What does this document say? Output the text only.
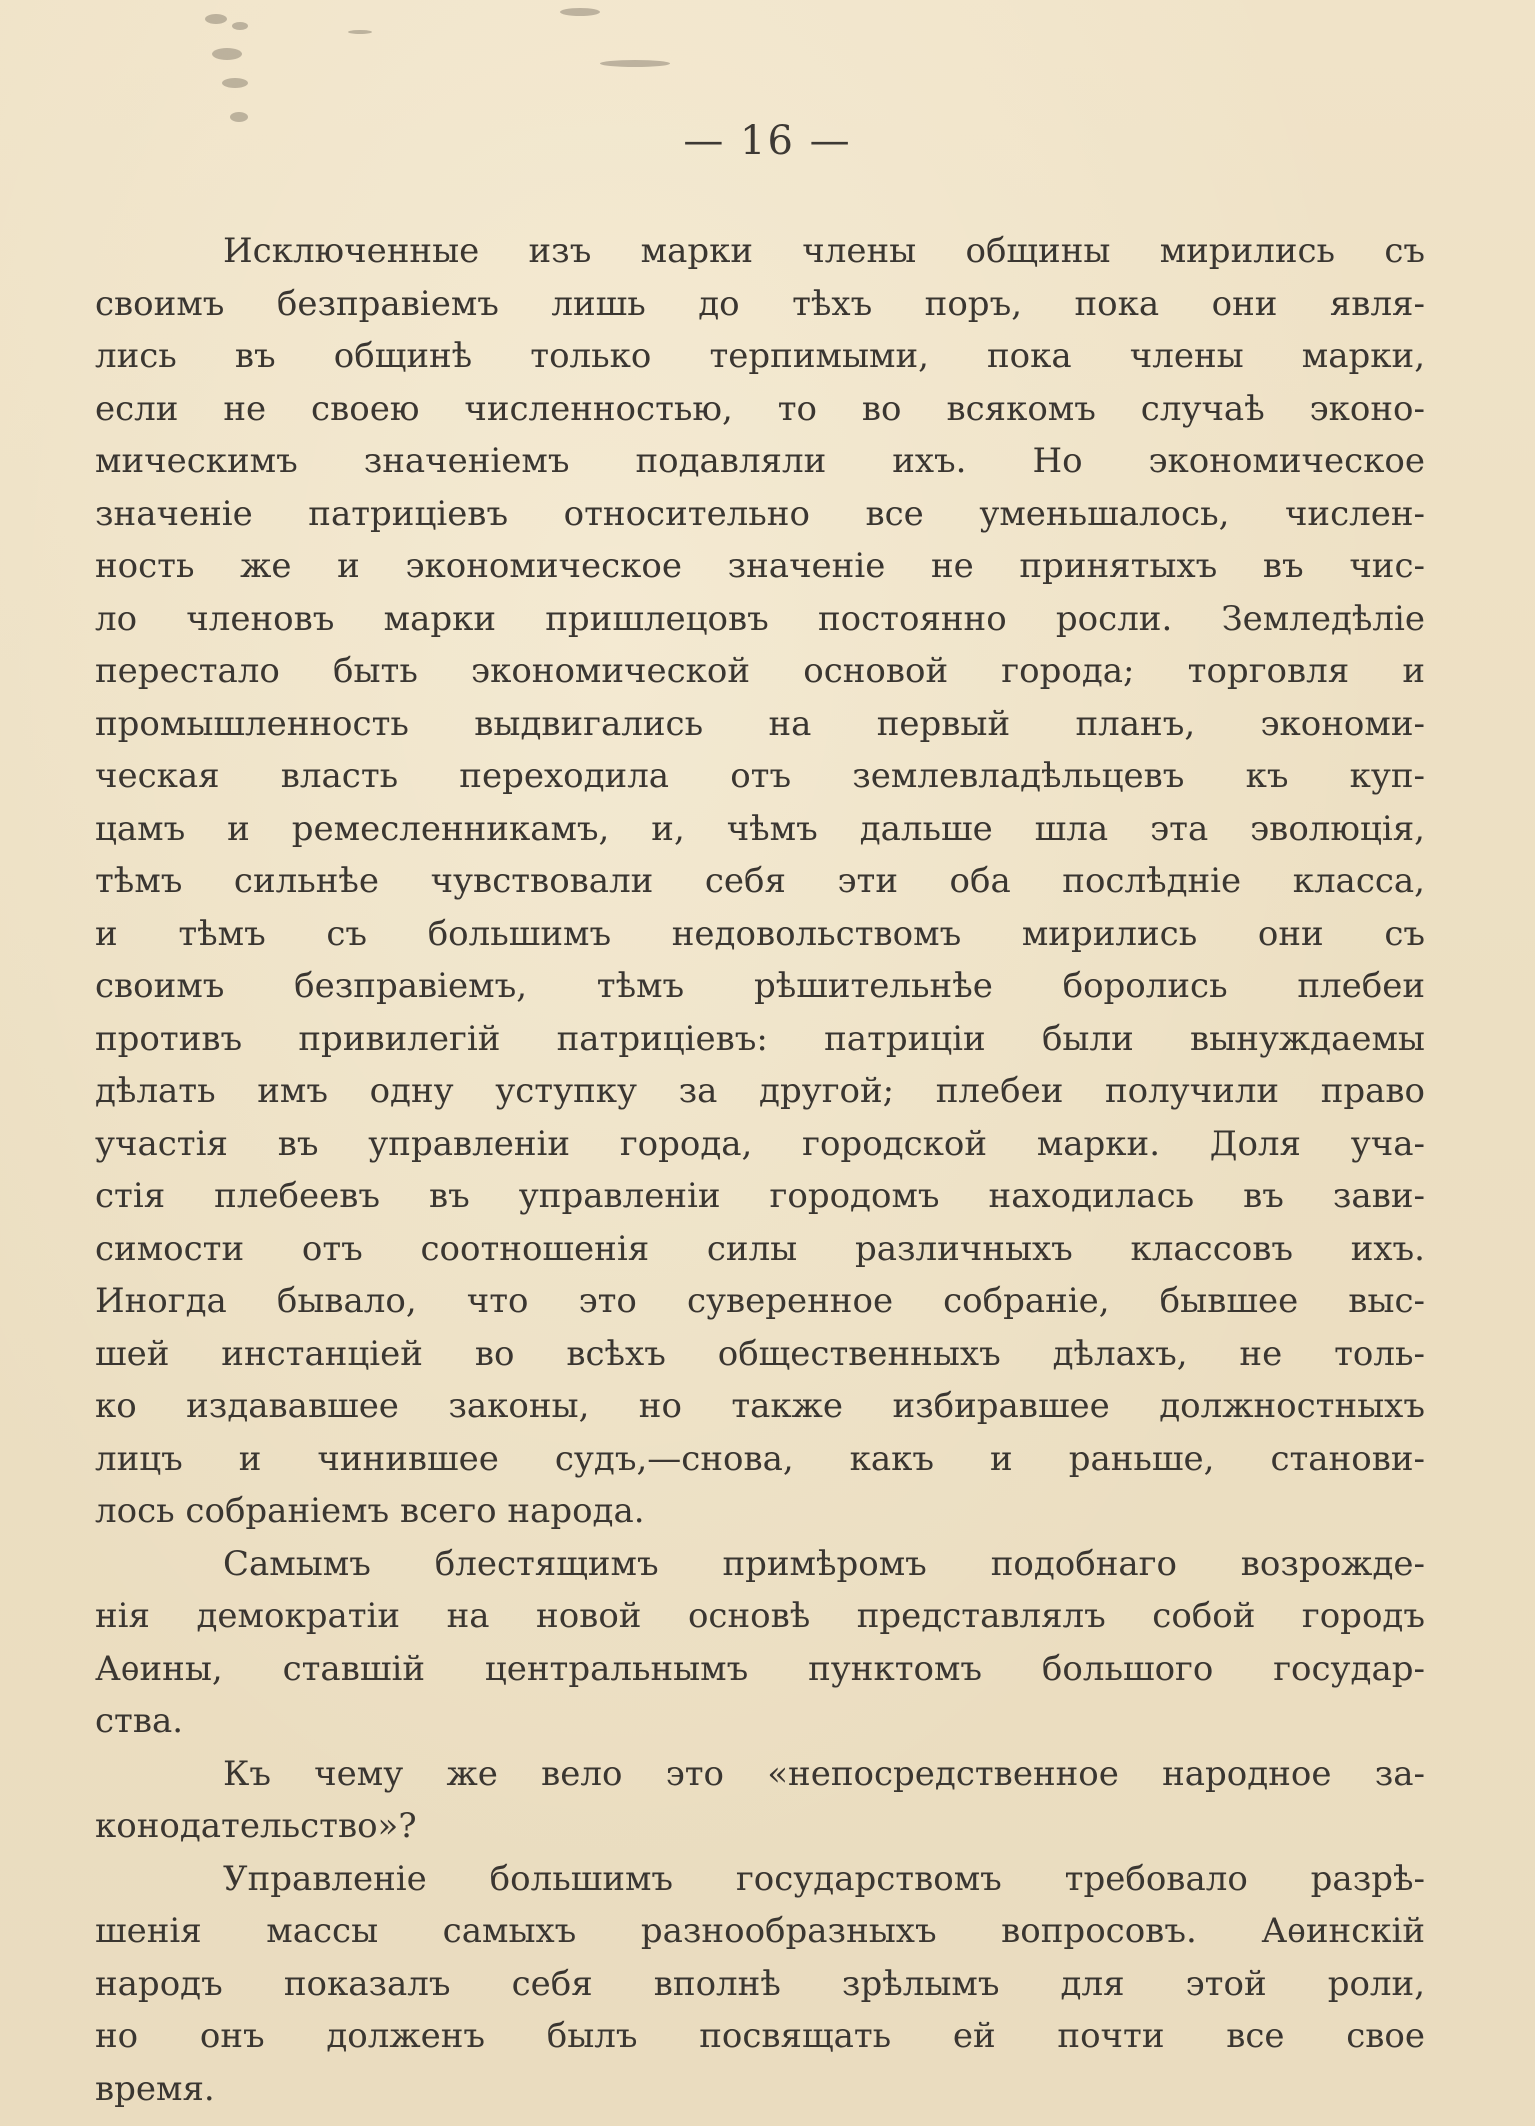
— 16 —
Исключенные изъ марки члены общины мирились съ
своимъ безправіемъ лишь до тѣхъ поръ, пока они явля-
лись въ общинѣ только терпимыми, пока члены марки,
если не своею численностью, то во всякомъ случаѣ эконо-
мическимъ значеніемъ подавляли ихъ. Но экономическое
значеніе патриціевъ относительно все уменьшалось, числен-
ность же и экономическое значеніе не принятыхъ въ чис-
ло членовъ марки пришлецовъ постоянно росли. Земледѣліе
перестало быть экономической основой города; торговля и
промышленность выдвигались на первый планъ, экономи-
ческая власть переходила отъ землевладѣльцевъ къ куп-
цамъ и ремесленникамъ, и, чѣмъ дальше шла эта эволюція,
тѣмъ сильнѣе чувствовали себя эти оба послѣдніе класса,
и тѣмъ съ большимъ недовольствомъ мирились они съ
своимъ безправіемъ, тѣмъ рѣшительнѣе боролись плебеи
противъ привилегій патриціевъ: патриціи были вынуждаемы
дѣлать имъ одну уступку за другой; плебеи получили право
участія въ управленіи города, городской марки. Доля уча-
стія плебеевъ въ управленіи городомъ находилась въ зави-
симости отъ соотношенія силы различныхъ классовъ ихъ.
Иногда бывало, что это суверенное собраніе, бывшее выс-
шей инстанціей во всѣхъ общественныхъ дѣлахъ, не толь-
ко издававшее законы, но также избиравшее должностныхъ
лицъ и чинившее судъ,—снова, какъ и раньше, станови-
лось собраніемъ всего народа.
Самымъ блестящимъ примѣромъ подобнаго возрожде-
нія демократіи на новой основѣ представлялъ собой городъ
Аѳины, ставшій центральнымъ пунктомъ большого государ-
ства.
Къ чему же вело это «непосредственное народное за-
конодательство»?
Управленіе большимъ государствомъ требовало разрѣ-
шенія массы самыхъ разнообразныхъ вопросовъ. Аѳинскій
народъ показалъ себя вполнѣ зрѣлымъ для этой роли,
но онъ долженъ былъ посвящать ей почти все свое
время.
